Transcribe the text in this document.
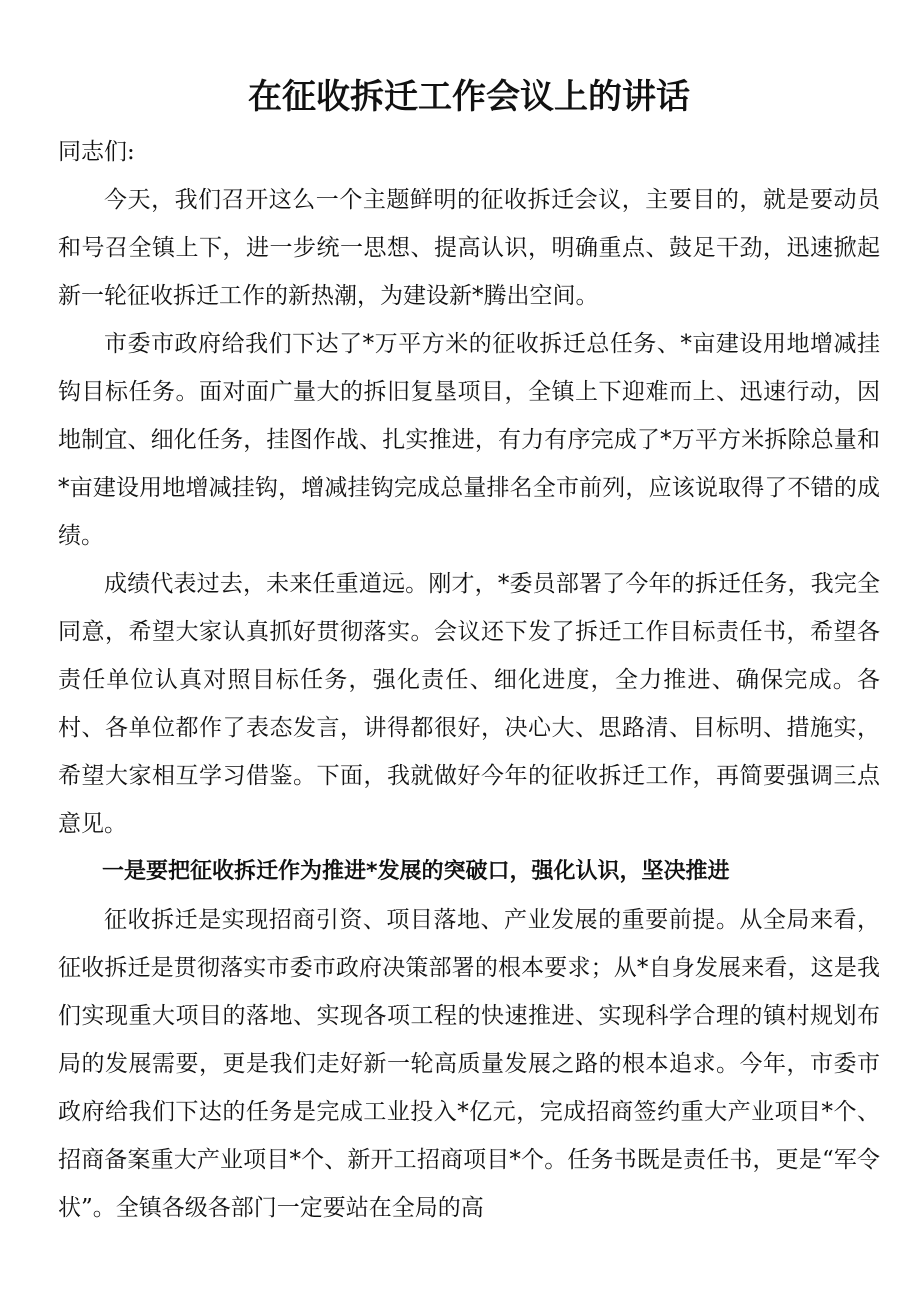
在征收拆迁工作会议上的讲话

同志们:

今天，我们召开这么一个主题鲜明的征收拆迁会议，主要目的，就是要动员和号召全镇上下，进一步统一思想、提高认识，明确重点、鼓足干劲，迅速掀起新一轮征收拆迁工作的新热潮，为建设新*腾出空间。

市委市政府给我们下达了*万平方米的征收拆迁总任务、*亩建设用地增减挂钩目标任务。面对面广量大的拆旧复垦项目，全镇上下迎难而上、迅速行动，因地制宜、细化任务，挂图作战、扎实推进，有力有序完成了*万平方米拆除总量和*亩建设用地增减挂钩，增减挂钩完成总量排名全市前列，应该说取得了不错的成绩。

成绩代表过去，未来任重道远。刚才，*委员部署了今年的拆迁任务，我完全同意，希望大家认真抓好贯彻落实。会议还下发了拆迁工作目标责任书，希望各责任单位认真对照目标任务，强化责任、细化进度，全力推进、确保完成。各村、各单位都作了表态发言，讲得都很好，决心大、思路清、目标明、措施实，希望大家相互学习借鉴。下面，我就做好今年的征收拆迁工作，再简要强调三点意见。

一是要把征收拆迁作为推进*发展的突破口，强化认识，坚决推进

征收拆迁是实现招商引资、项目落地、产业发展的重要前提。从全局来看，征收拆迁是贯彻落实市委市政府决策部署的根本要求；从*自身发展来看，这是我们实现重大项目的落地、实现各项工程的快速推进、实现科学合理的镇村规划布局的发展需要，更是我们走好新一轮高质量发展之路的根本追求。今年，市委市政府给我们下达的任务是完成工业投入*亿元，完成招商签约重大产业项目*个、招商备案重大产业项目*个、新开工招商项目*个。任务书既是责任书，更是“军令状”。全镇各级各部门一定要站在全局的高
